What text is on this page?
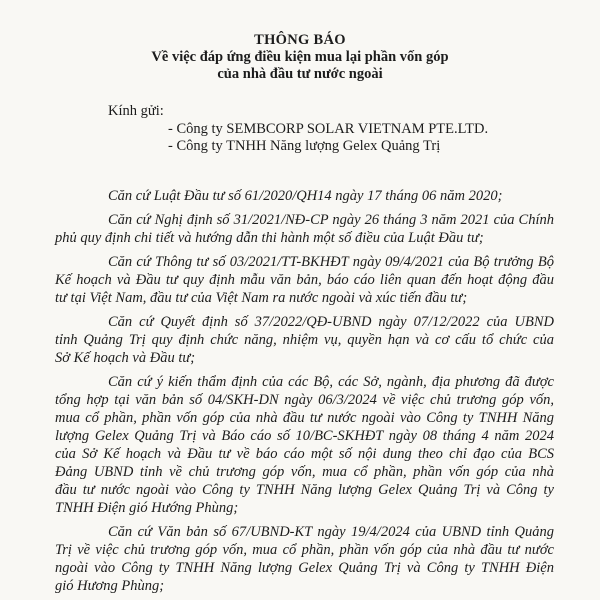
THÔNG BÁO
Về việc đáp ứng điều kiện mua lại phần vốn góp
của nhà đầu tư nước ngoài
Kính gửi:
- Công ty SEMBCORP SOLAR VIETNAM PTE.LTD.
- Công ty TNHH Năng lượng Gelex Quảng Trị
Căn cứ Luật Đầu tư số 61/2020/QH14 ngày 17 tháng 06 năm 2020;
Căn cứ Nghị định số 31/2021/NĐ-CP ngày 26 tháng 3 năm 2021 của Chính
phủ quy định chi tiết và hướng dẫn thi hành một số điều của Luật Đầu tư;
Căn cứ Thông tư số 03/2021/TT-BKHĐT ngày 09/4/2021 của Bộ trưởng Bộ
Kế hoạch và Đầu tư quy định mẫu văn bản, báo cáo liên quan đến hoạt động đầu
tư tại Việt Nam, đầu tư của Việt Nam ra nước ngoài và xúc tiến đầu tư;
Căn cứ Quyết định số 37/2022/QĐ-UBND ngày 07/12/2022 của UBND
tỉnh Quảng Trị quy định chức năng, nhiệm vụ, quyền hạn và cơ cấu tổ chức của
Sở Kế hoạch và Đầu tư;
Căn cứ ý kiến thẩm định của các Bộ, các Sở, ngành, địa phương đã được
tổng hợp tại văn bản số 04/SKH-DN ngày 06/3/2024 về việc chủ trương góp vốn,
mua cổ phần, phần vốn góp của nhà đầu tư nước ngoài vào Công ty TNHH Năng
lượng Gelex Quảng Trị và Báo cáo số 10/BC-SKHĐT ngày 08 tháng 4 năm 2024
của Sở Kế hoạch và Đầu tư về báo cáo một số nội dung theo chỉ đạo của BCS
Đảng UBND tỉnh về chủ trương góp vốn, mua cổ phần, phần vốn góp của nhà
đầu tư nước ngoài vào Công ty TNHH Năng lượng Gelex Quảng Trị và Công ty
TNHH Điện gió Hướng Phùng;
Căn cứ Văn bản số 67/UBND-KT ngày 19/4/2024 của UBND tỉnh Quảng
Trị về việc chủ trương góp vốn, mua cổ phần, phần vốn góp của nhà đầu tư nước
ngoài vào Công ty TNHH Năng lượng Gelex Quảng Trị và Công ty TNHH Điện
gió Hương Phùng;
